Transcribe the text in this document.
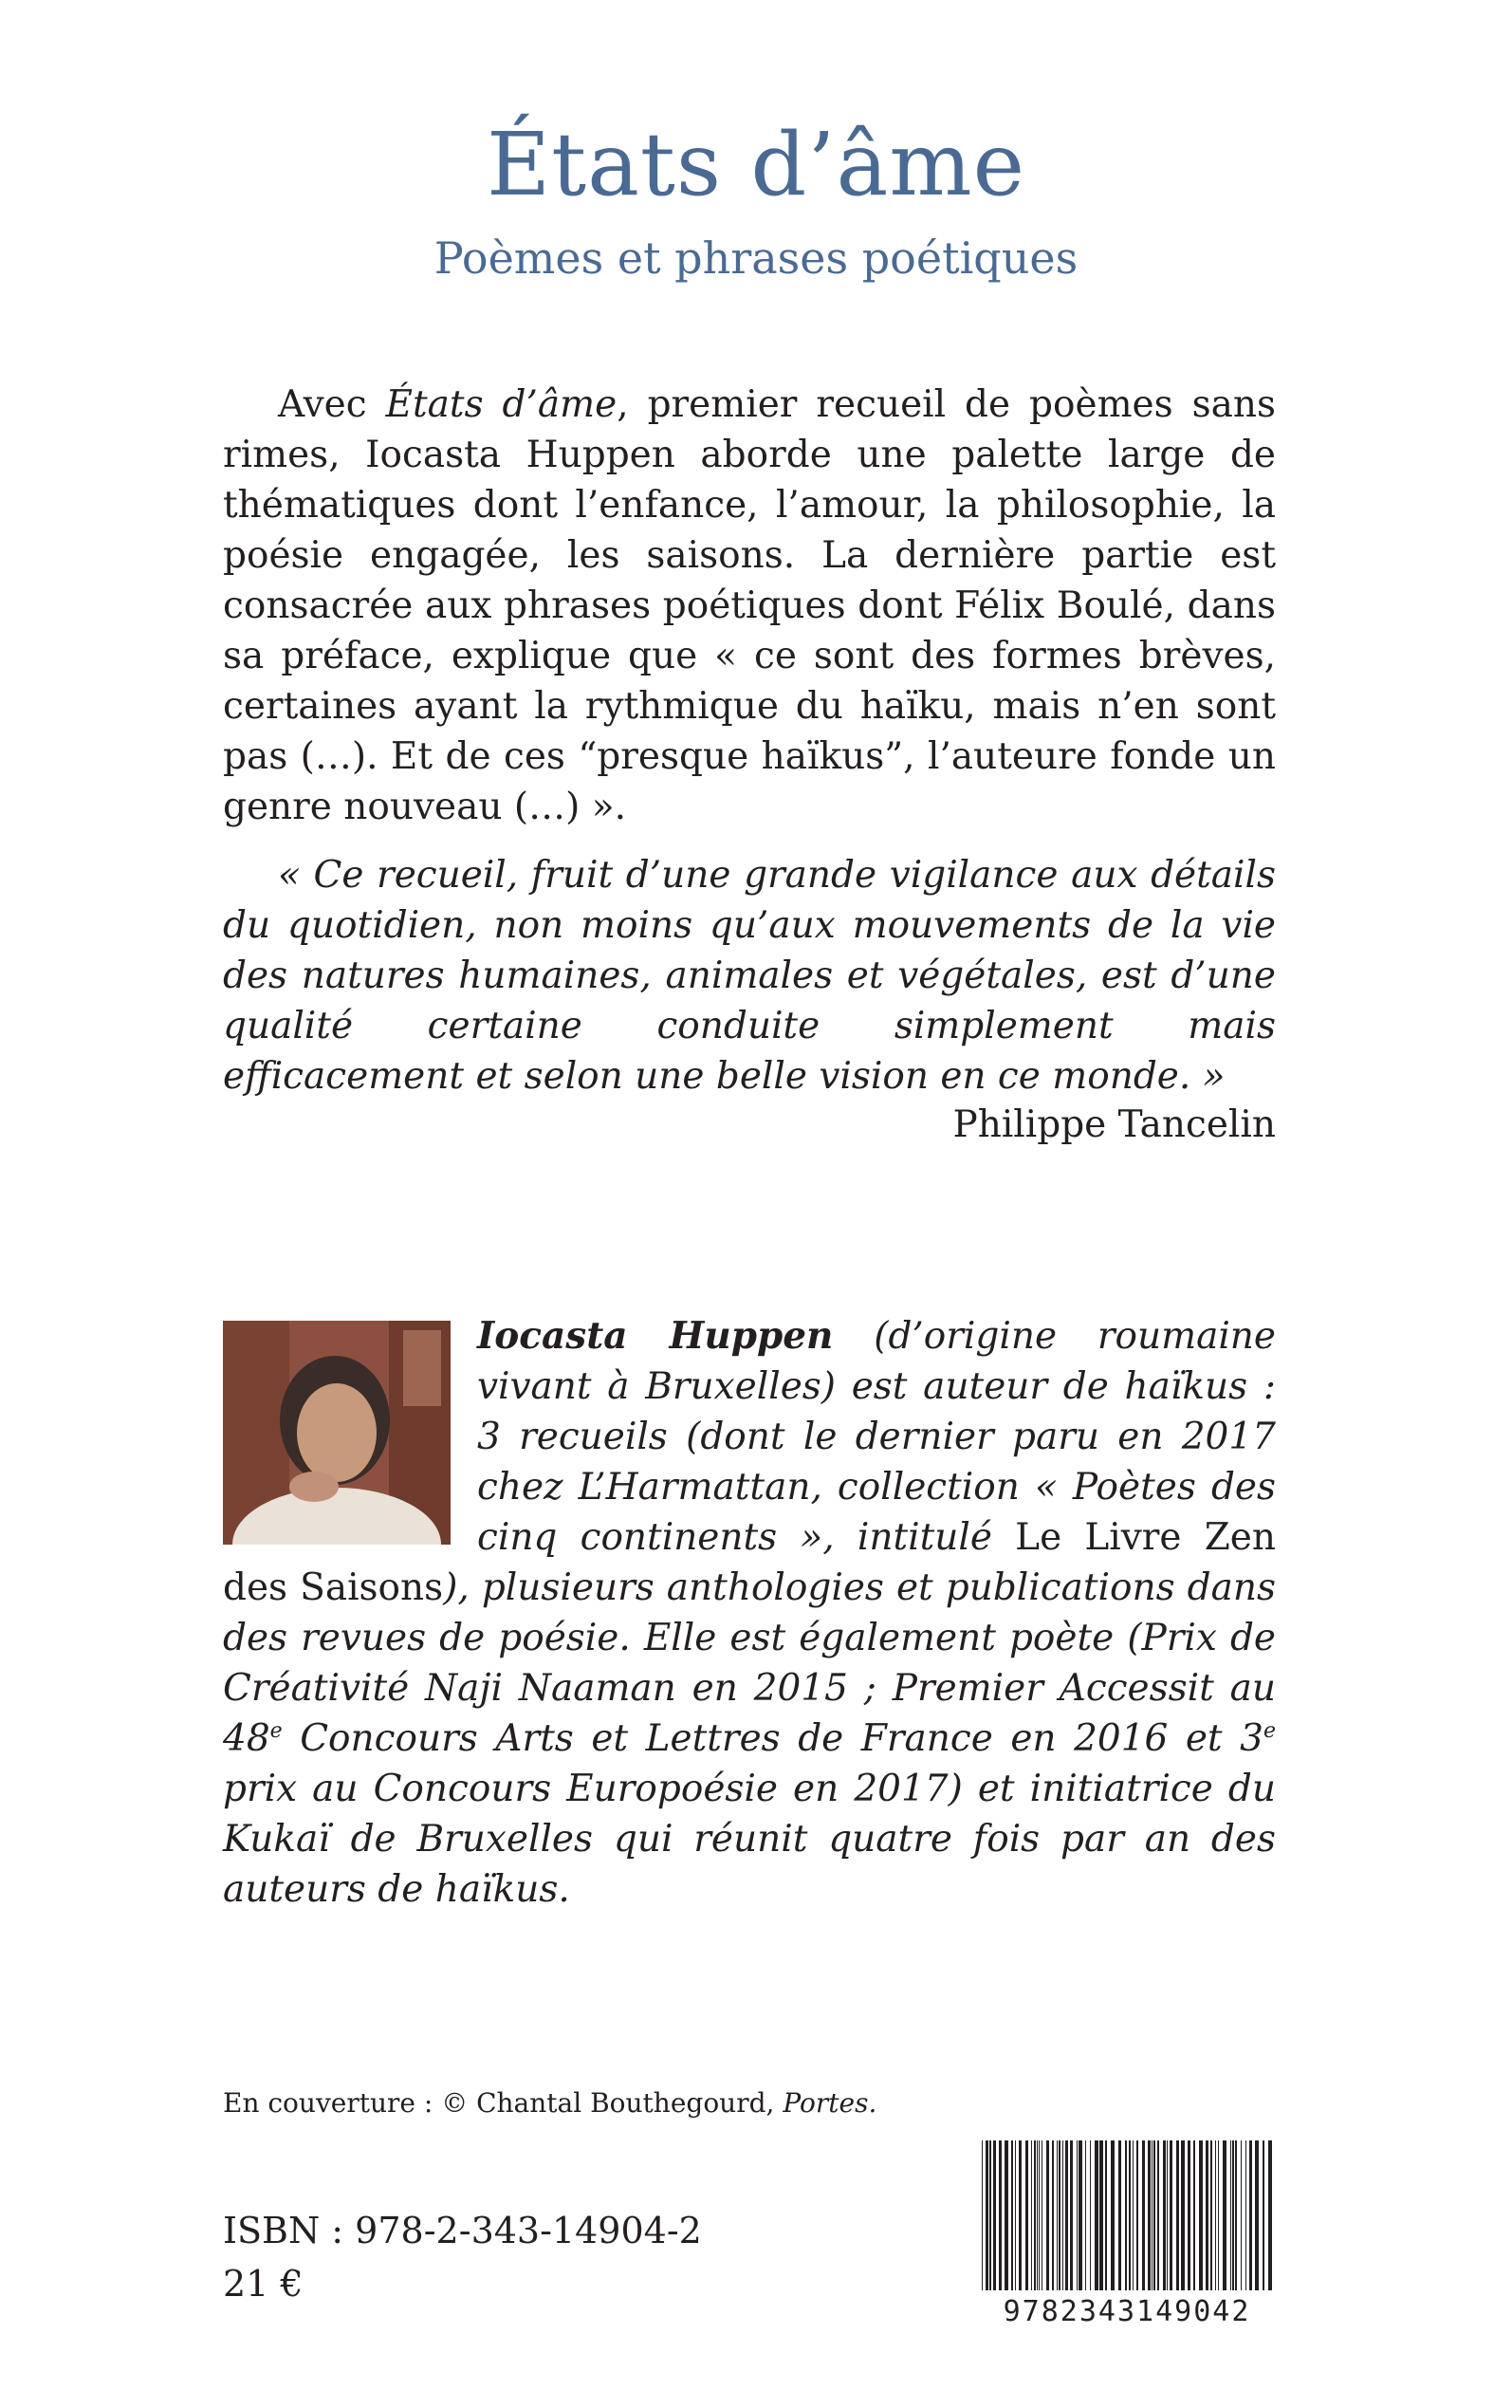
États d’âme
Poèmes et phrases poétiques
Avec États d’âme, premier recueil de poèmes sans rimes, Iocasta Huppen aborde une palette large de thématiques dont l’enfance, l’amour, la philosophie, la poésie engagée, les saisons. La dernière partie est consacrée aux phrases poétiques dont Félix Boulé, dans sa préface, explique que « ce sont des formes brèves, certaines ayant la rythmique du haïku, mais n’en sont pas (…). Et de ces “presque haïkus”, l’auteure fonde un genre nouveau (…) ».
« Ce recueil, fruit d’une grande vigilance aux détails du quotidien, non moins qu’aux mouvements de la vie des natures humaines, animales et végétales, est d’une qualité certaine conduite simplement mais efficacement et selon une belle vision en ce monde. »
Philippe Tancelin
Iocasta Huppen (d’origine roumaine vivant à Bruxelles) est auteur de haïkus : 3 recueils (dont le dernier paru en 2017 chez L’Harmattan, collection « Poètes des cinq continents », intitulé Le Livre Zen des Saisons), plusieurs anthologies et publications dans des revues de poésie. Elle est également poète (Prix de Créativité Naji Naaman en 2015 ; Premier Accessit au 48e Concours Arts et Lettres de France en 2016 et 3e prix au Concours Europoésie en 2017) et initiatrice du Kukaï de Bruxelles qui réunit quatre fois par an des auteurs de haïkus.
En couverture : © Chantal Bouthegourd, Portes.
ISBN : 978-2-343-14904-2
21 €
9782343149042
